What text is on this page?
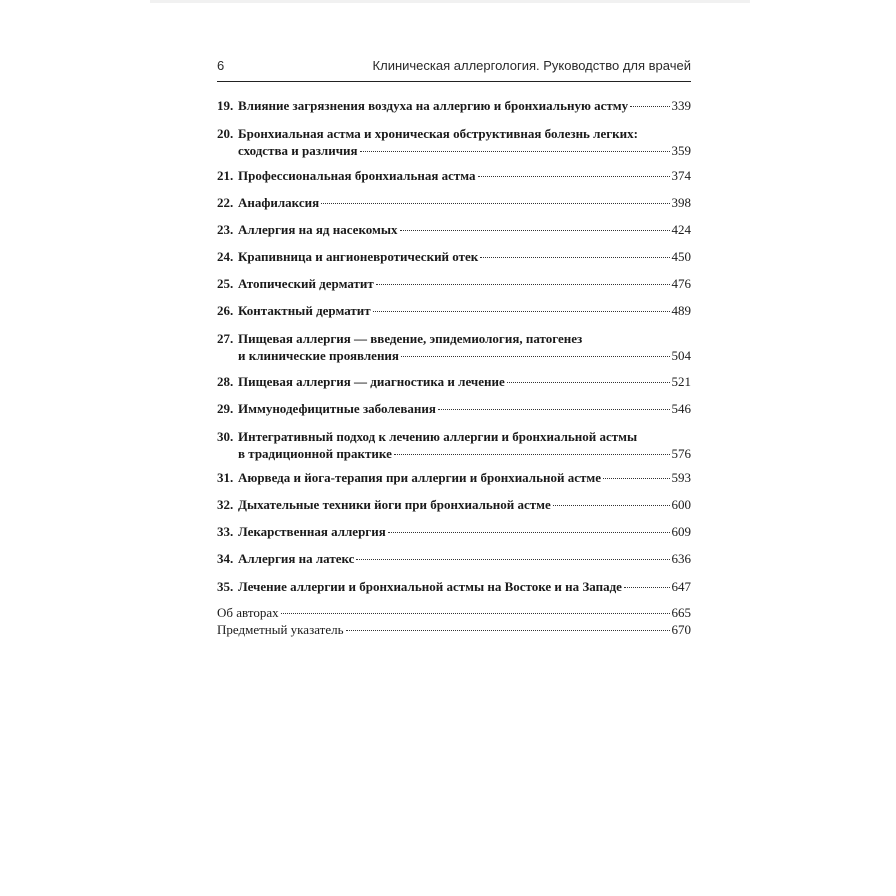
6	Клиническая аллергология. Руководство для врачей
19. Влияние загрязнения воздуха на аллергию и бронхиальную астму	339
20. Бронхиальная астма и хроническая обструктивная болезнь легких:
сходства и различия	359
21. Профессиональная бронхиальная астма	374
22. Анафилаксия	398
23. Аллергия на яд насекомых	424
24. Крапивница и ангионевротический отек	450
25. Атопический дерматит	476
26. Контактный дерматит	489
27. Пищевая аллергия — введение, эпидемиология, патогенез
и клинические проявления	504
28. Пищевая аллергия — диагностика и лечение	521
29. Иммунодефицитные заболевания	546
30. Интегративный подход к лечению аллергии и бронхиальной астмы
в традиционной практике	576
31. Аюрведа и йога-терапия при аллергии и бронхиальной астме	593
32. Дыхательные техники йоги при бронхиальной астме	600
33. Лекарственная аллергия	609
34. Аллергия на латекс	636
35. Лечение аллергии и бронхиальной астмы на Востоке и на Западе	647
Об авторах	665
Предметный указатель	670
